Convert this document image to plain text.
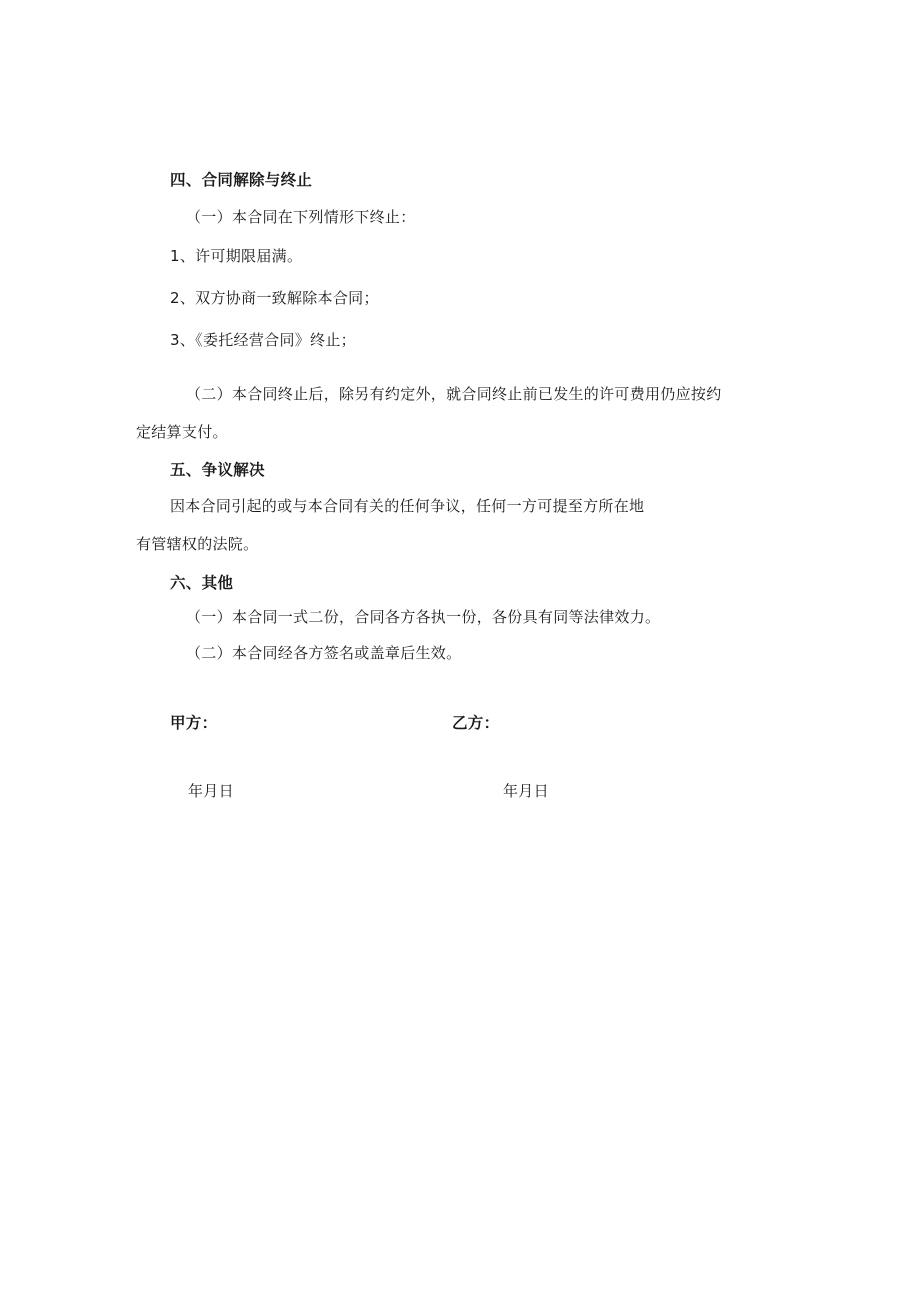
四、合同解除与终止
（一）本合同在下列情形下终止：
1、许可期限届满。
2、双方协商一致解除本合同；
3、《委托经营合同》终止；
（二）本合同终止后，除另有约定外，就合同终止前已发生的许可费用仍应按约
定结算支付。
五、争议解决
因本合同引起的或与本合同有关的任何争议，任何一方可提至方所在地
有管辖权的法院。
六、其他
（一）本合同一式二份，合同各方各执一份，各份具有同等法律效力。
（二）本合同经各方签名或盖章后生效。
甲方：	乙方：
年月日	年月日
